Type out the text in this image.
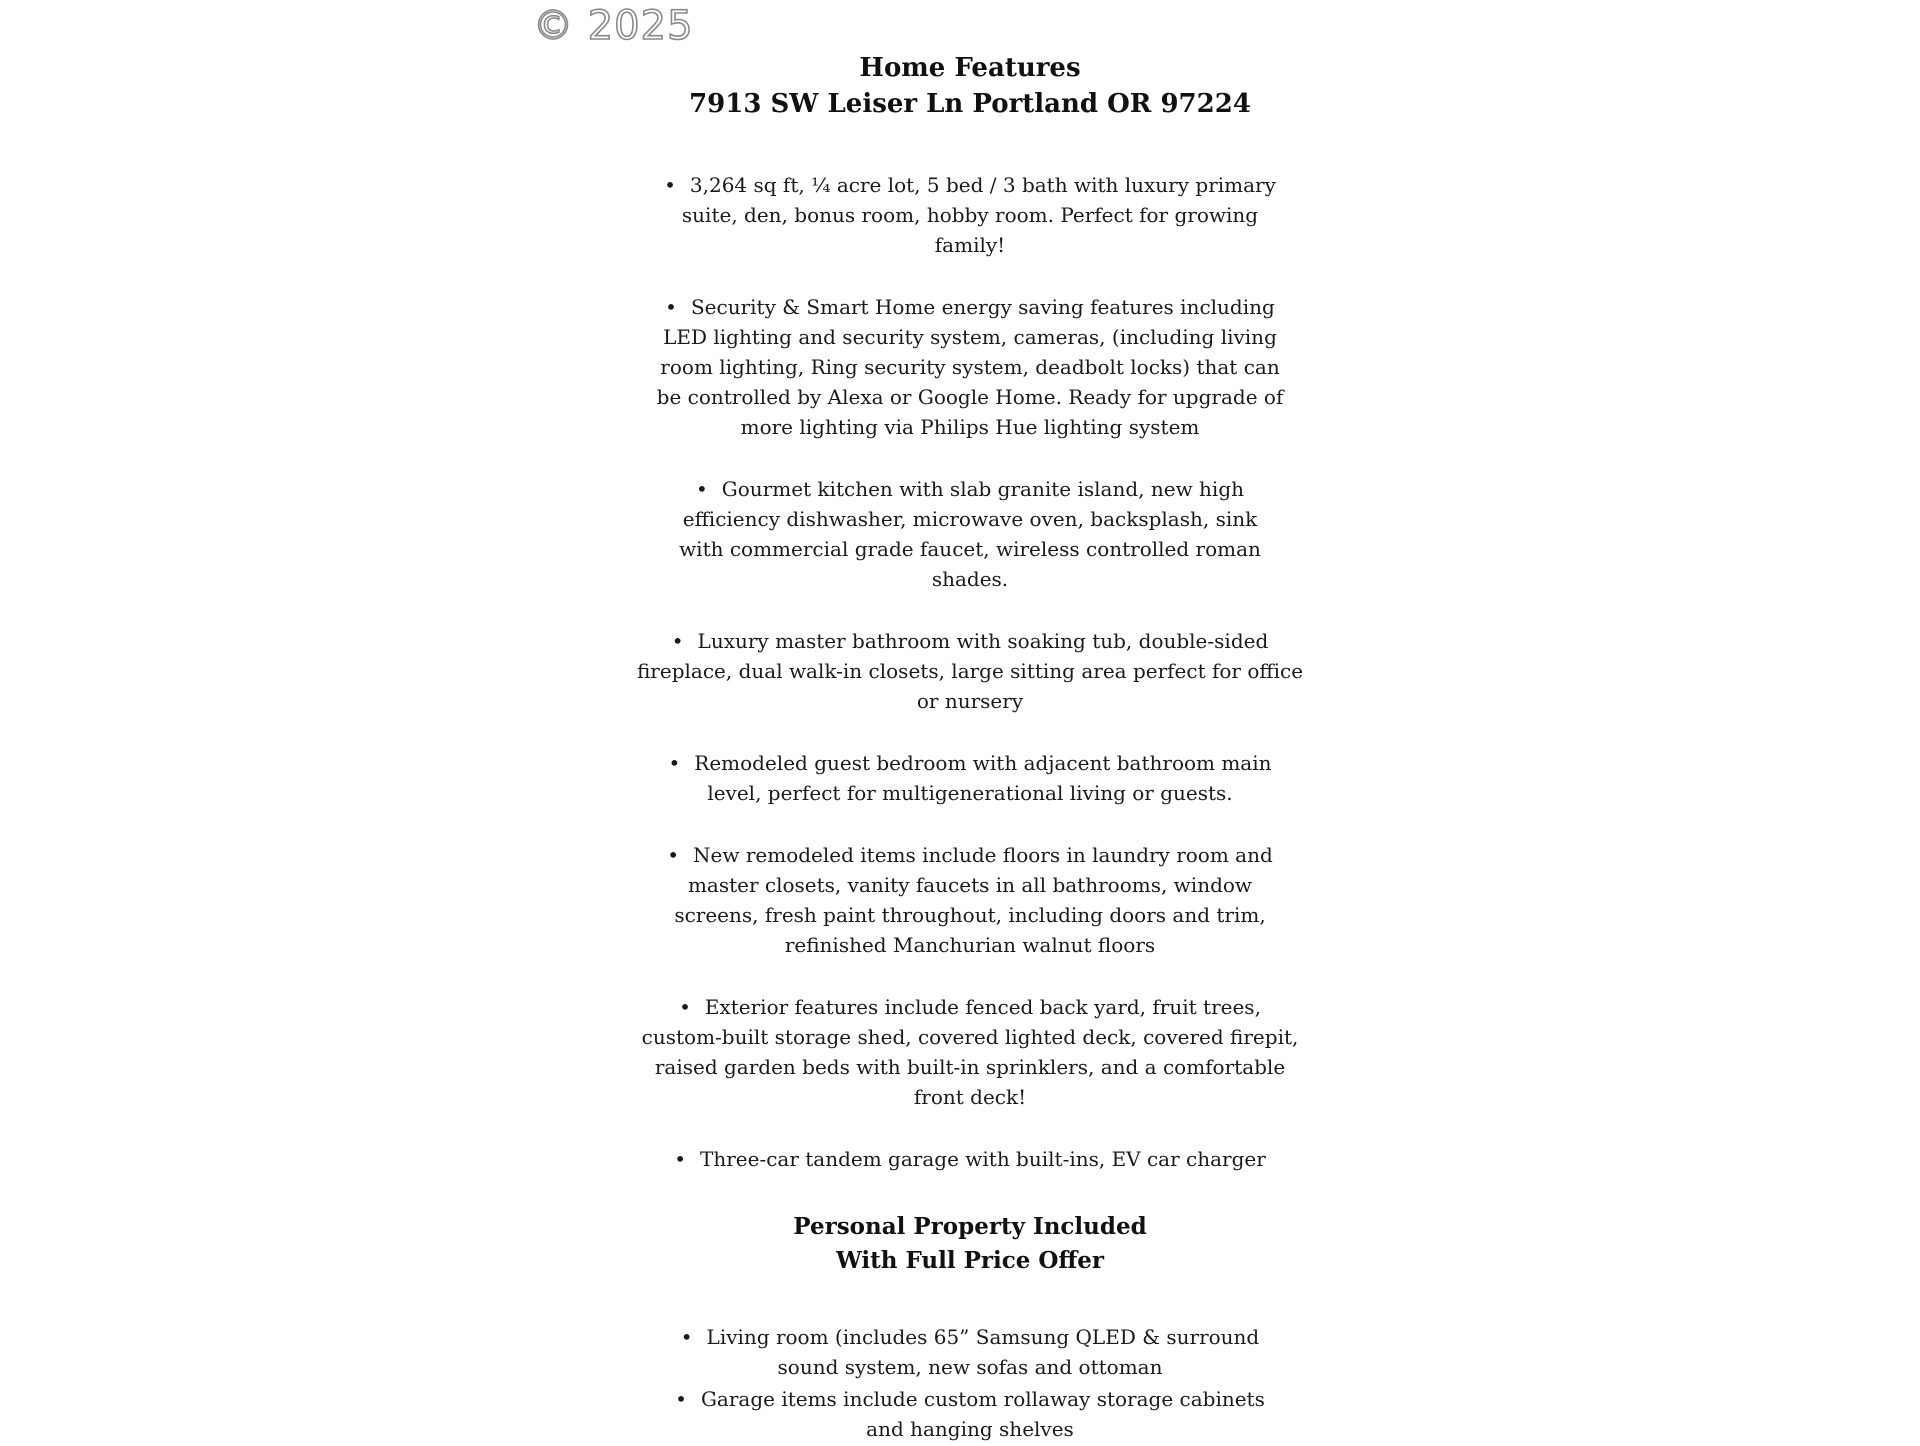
© 2025
Home Features
7913 SW Leiser Ln Portland OR 97224
• 3,264 sq ft, ¼ acre lot, 5 bed / 3 bath with luxury primary suite, den, bonus room, hobby room. Perfect for growing family!
• Security & Smart Home energy saving features including LED lighting and security system, cameras, (including living room lighting, Ring security system, deadbolt locks) that can be controlled by Alexa or Google Home. Ready for upgrade of more lighting via Philips Hue lighting system
• Gourmet kitchen with slab granite island, new high efficiency dishwasher, microwave oven, backsplash, sink with commercial grade faucet, wireless controlled roman shades.
• Luxury master bathroom with soaking tub, double-sided fireplace, dual walk-in closets, large sitting area perfect for office or nursery
• Remodeled guest bedroom with adjacent bathroom main level, perfect for multigenerational living or guests.
• New remodeled items include floors in laundry room and master closets, vanity faucets in all bathrooms, window screens, fresh paint throughout, including doors and trim, refinished Manchurian walnut floors
• Exterior features include fenced back yard, fruit trees, custom-built storage shed, covered lighted deck, covered firepit, raised garden beds with built-in sprinklers, and a comfortable front deck!
• Three-car tandem garage with built-ins, EV car charger
Personal Property Included
With Full Price Offer
• Living room (includes 65” Samsung QLED & surround sound system, new sofas and ottoman
• Garage items include custom rollaway storage cabinets and hanging shelves
